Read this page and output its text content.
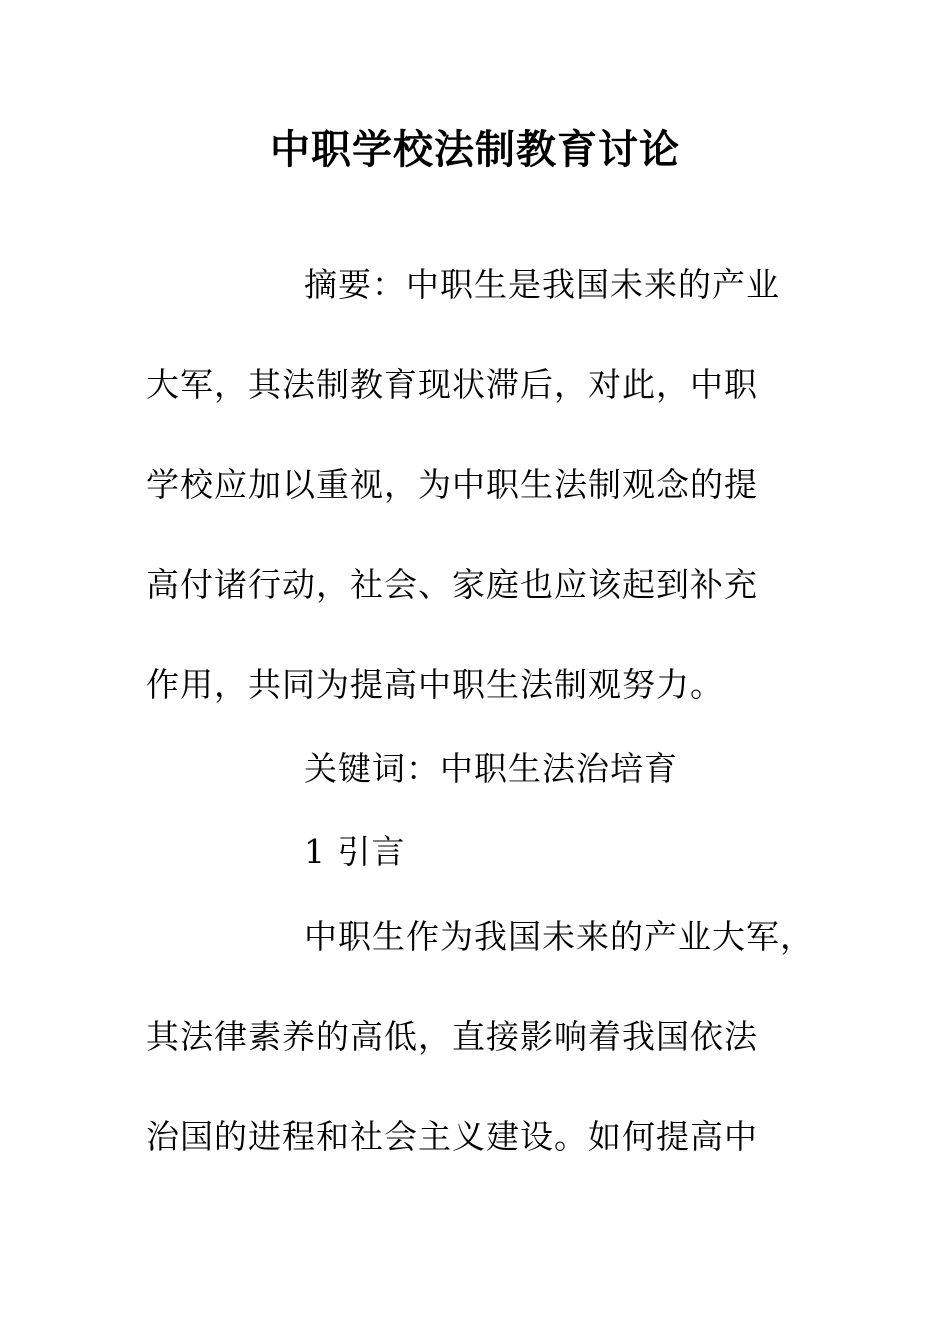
中职学校法制教育讨论
摘要：中职生是我国未来的产业
大军，其法制教育现状滞后，对此，中职
学校应加以重视，为中职生法制观念的提
高付诸行动，社会、家庭也应该起到补充
作用，共同为提高中职生法制观努力。
关键词：中职生法治培育
1 引言
中职生作为我国未来的产业大军，
其法律素养的高低，直接影响着我国依法
治国的进程和社会主义建设。如何提高中
